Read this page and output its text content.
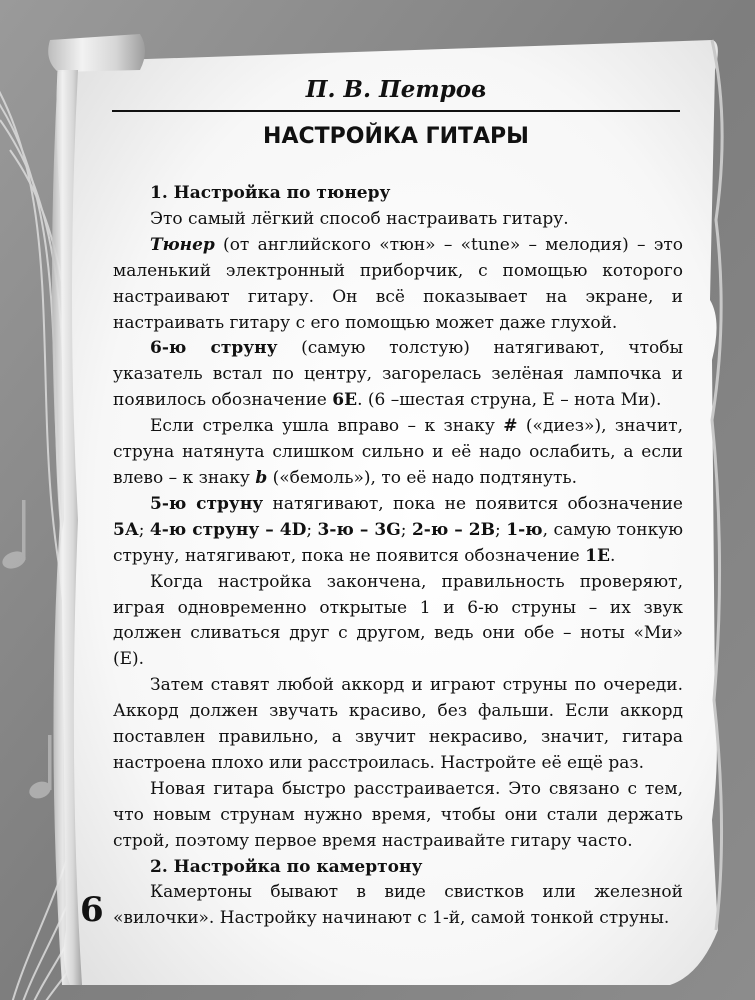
П. В. Петров
НАСТРОЙКА ГИТАРЫ
1. Настройка по тюнеру

Это самый лёгкий способ настраивать гитару.

Тюнер (от английского «тюн» – «tune» – мелодия) – это маленький электронный приборчик, с помощью которого настраивают гитару. Он всё показывает на экране, и настраивать гитару с его помощью может даже глухой.

6-ю струну (самую толстую) натягивают, чтобы указатель встал по центру, загорелась зелёная лампочка и появилось обозначение 6Е. (6 –шестая струна, Е – нота Ми).

Если стрелка ушла вправо – к знаку # («диез»), значит, струна натянута слишком сильно и её надо ослабить, а если влево – к знаку b («бемоль»), то её надо подтянуть.

5-ю струну натягивают, пока не появится обозначение 5А; 4-ю струну – 4D; 3-ю – 3G; 2-ю – 2В; 1-ю, самую тонкую струну, натягивают, пока не появится обозначение 1Е.

Когда настройка закончена, правильность проверяют, играя одновременно открытые 1 и 6-ю струны – их звук должен сливаться друг с другом, ведь они обе – ноты «Ми» (Е).

Затем ставят любой аккорд и играют струны по очереди. Аккорд должен звучать красиво, без фальши. Если аккорд поставлен правильно, а звучит некрасиво, значит, гитара настроена плохо или расстроилась. Настройте её ещё раз.

Новая гитара быстро расстраивается. Это связано с тем, что новым струнам нужно время, чтобы они стали держать строй, поэтому первое время настраивайте гитару часто.

2. Настройка по камертону

Камертоны бывают в виде свистков или железной «вилочки». Настройку начинают с 1-й, самой тонкой струны.

6
